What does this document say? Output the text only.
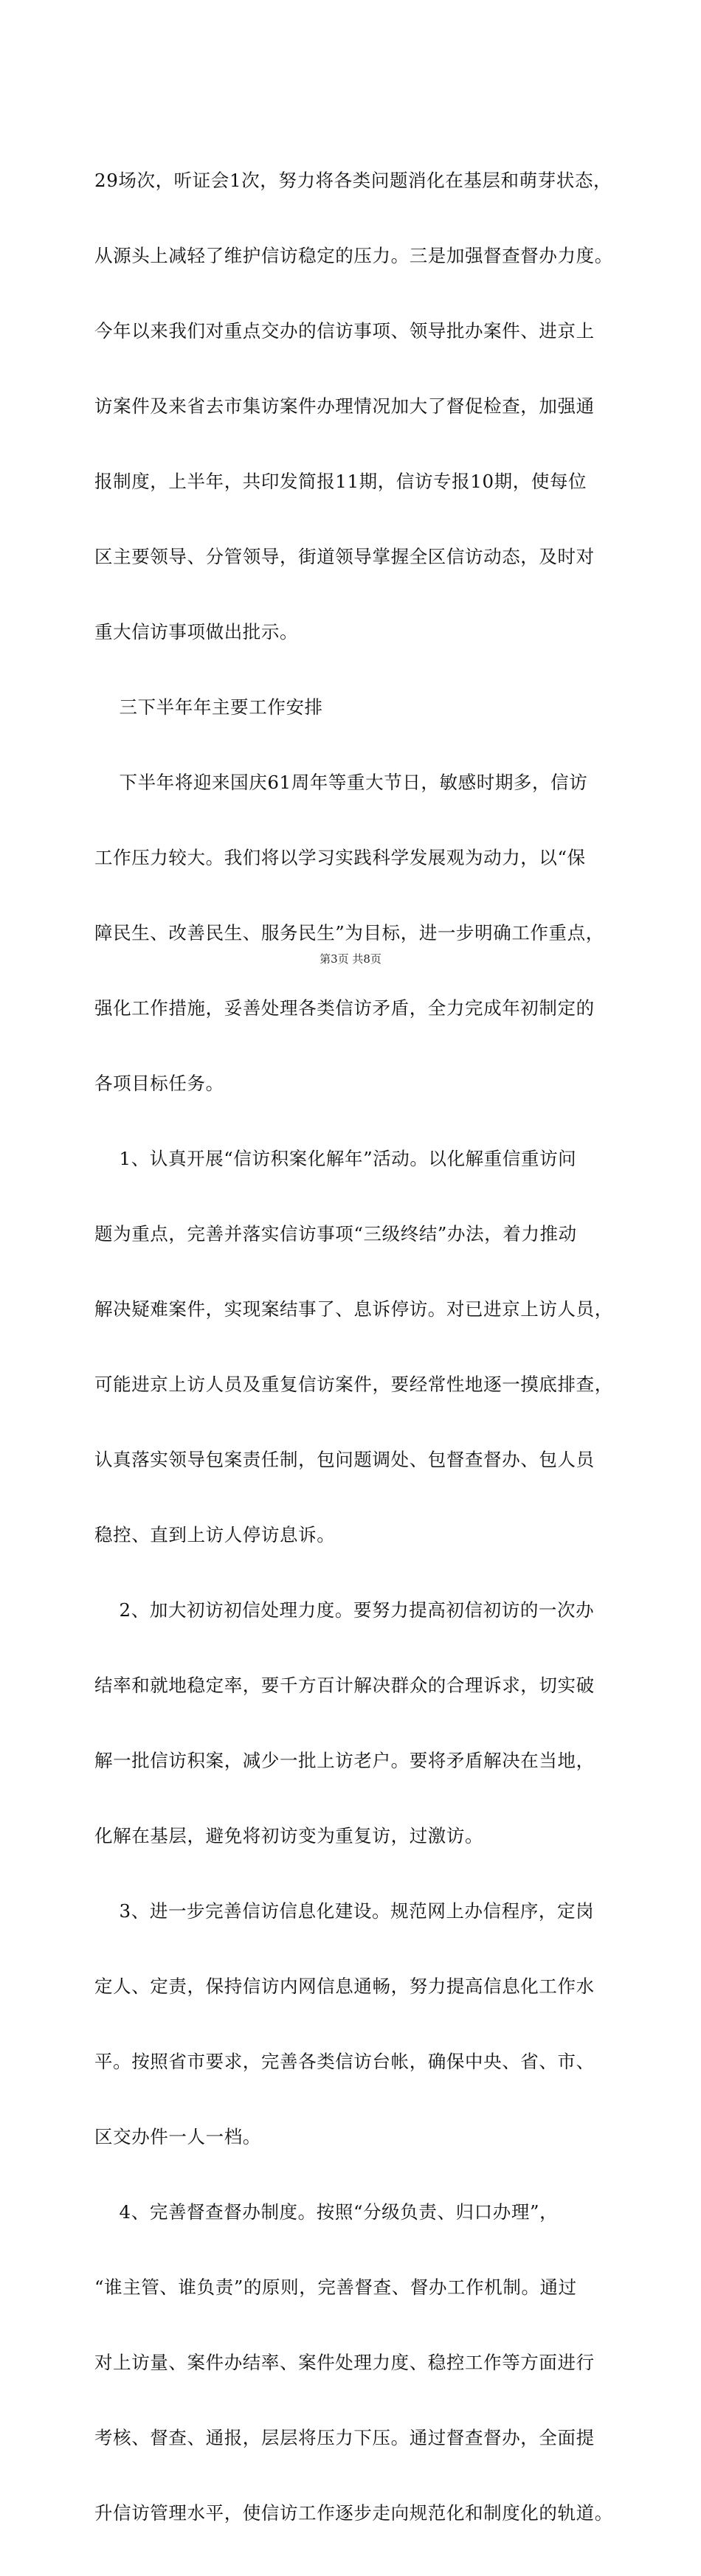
29场次，听证会1次，努力将各类问题消化在基层和萌芽状态，

从源头上减轻了维护信访稳定的压力。三是加强督查督办力度。

今年以来我们对重点交办的信访事项、领导批办案件、进京上

访案件及来省去市集访案件办理情况加大了督促检查，加强通

报制度，上半年，共印发简报11期，信访专报10期，使每位

区主要领导、分管领导，街道领导掌握全区信访动态，及时对

重大信访事项做出批示。

三下半年年主要工作安排

下半年将迎来国庆61周年等重大节日，敏感时期多，信访

工作压力较大。我们将以学习实践科学发展观为动力，以“保

障民生、改善民生、服务民生”为目标，进一步明确工作重点，

强化工作措施，妥善处理各类信访矛盾，全力完成年初制定的

各项目标任务。

1、认真开展“信访积案化解年”活动。以化解重信重访问

题为重点，完善并落实信访事项“三级终结”办法，着力推动

解决疑难案件，实现案结事了、息诉停访。对已进京上访人员，

可能进京上访人员及重复信访案件，要经常性地逐一摸底排查，

认真落实领导包案责任制，包问题调处、包督查督办、包人员

稳控、直到上访人停访息诉。

2、加大初访初信处理力度。要努力提高初信初访的一次办

结率和就地稳定率，要千方百计解决群众的合理诉求，切实破

解一批信访积案，减少一批上访老户。要将矛盾解决在当地，

化解在基层，避免将初访变为重复访，过激访。

3、进一步完善信访信息化建设。规范网上办信程序，定岗

定人、定责，保持信访内网信息通畅，努力提高信息化工作水

平。按照省市要求，完善各类信访台帐，确保中央、省、市、

区交办件一人一档。

4、完善督查督办制度。按照“分级负责、归口办理”，

“谁主管、谁负责”的原则，完善督查、督办工作机制。通过

对上访量、案件办结率、案件处理力度、稳控工作等方面进行

考核、督查、通报，层层将压力下压。通过督查督办，全面提

升信访管理水平，使信访工作逐步走向规范化和制度化的轨道。

第3页 共8页
